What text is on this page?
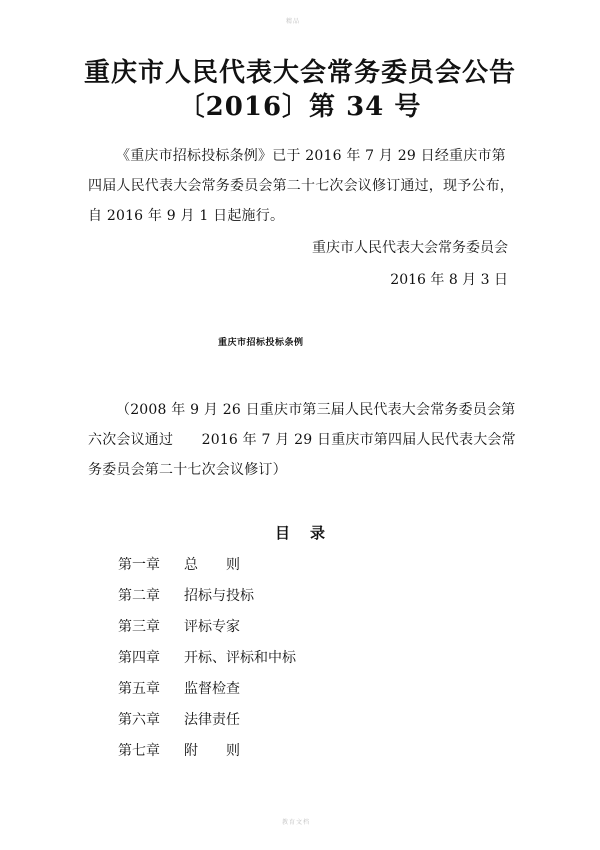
精品
重庆市人民代表大会常务委员会公告
〔2016〕第 34 号
《重庆市招标投标条例》已于 2016 年 7 月 29 日经重庆市第四届人民代表大会常务委员会第二十七次会议修订通过，现予公布，自 2016 年 9 月 1 日起施行。
重庆市人民代表大会常务委员会
2016 年 8 月 3 日
重庆市招标投标条例
（2008 年 9 月 26 日重庆市第三届人民代表大会常务委员会第六次会议通过　　2016 年 7 月 29 日重庆市第四届人民代表大会常务委员会第二十七次会议修订）
目录
第一章 总　　则
第二章 招标与投标
第三章 评标专家
第四章 开标、评标和中标
第五章 监督检查
第六章 法律责任
第七章 附　　则
教育文档
